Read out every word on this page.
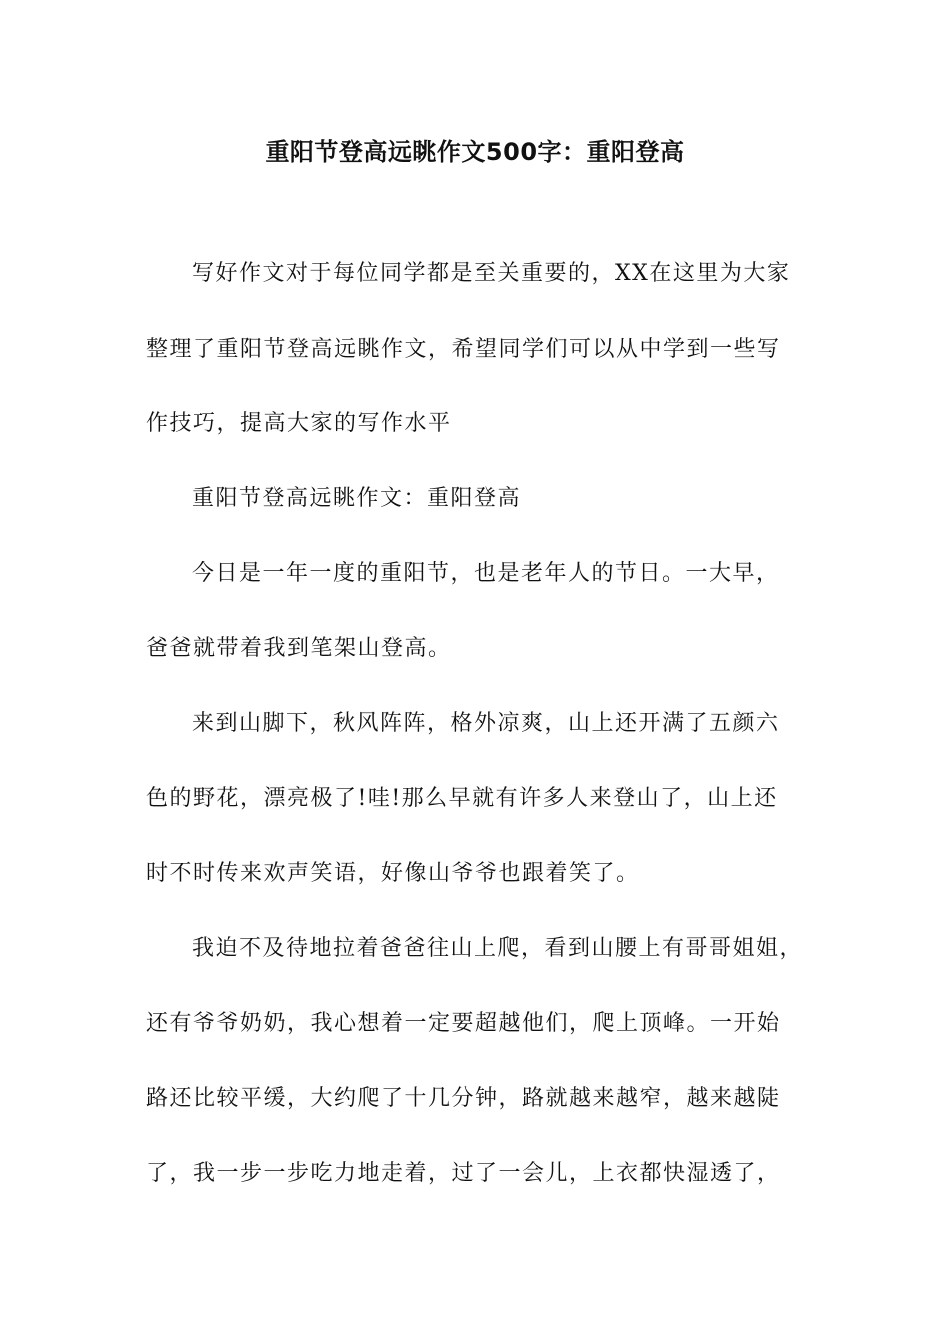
重阳节登高远眺作文500字：重阳登高
写好作文对于每位同学都是至关重要的，XX在这里为大家
整理了重阳节登高远眺作文，希望同学们可以从中学到一些写
作技巧，提高大家的写作水平
重阳节登高远眺作文：重阳登高
今日是一年一度的重阳节，也是老年人的节日。一大早，
爸爸就带着我到笔架山登高。
来到山脚下，秋风阵阵，格外凉爽，山上还开满了五颜六
色的野花，漂亮极了!哇!那么早就有许多人来登山了，山上还
时不时传来欢声笑语，好像山爷爷也跟着笑了。
我迫不及待地拉着爸爸往山上爬，看到山腰上有哥哥姐姐，
还有爷爷奶奶，我心想着一定要超越他们，爬上顶峰。一开始
路还比较平缓，大约爬了十几分钟，路就越来越窄，越来越陡
了，我一步一步吃力地走着，过了一会儿，上衣都快湿透了，
